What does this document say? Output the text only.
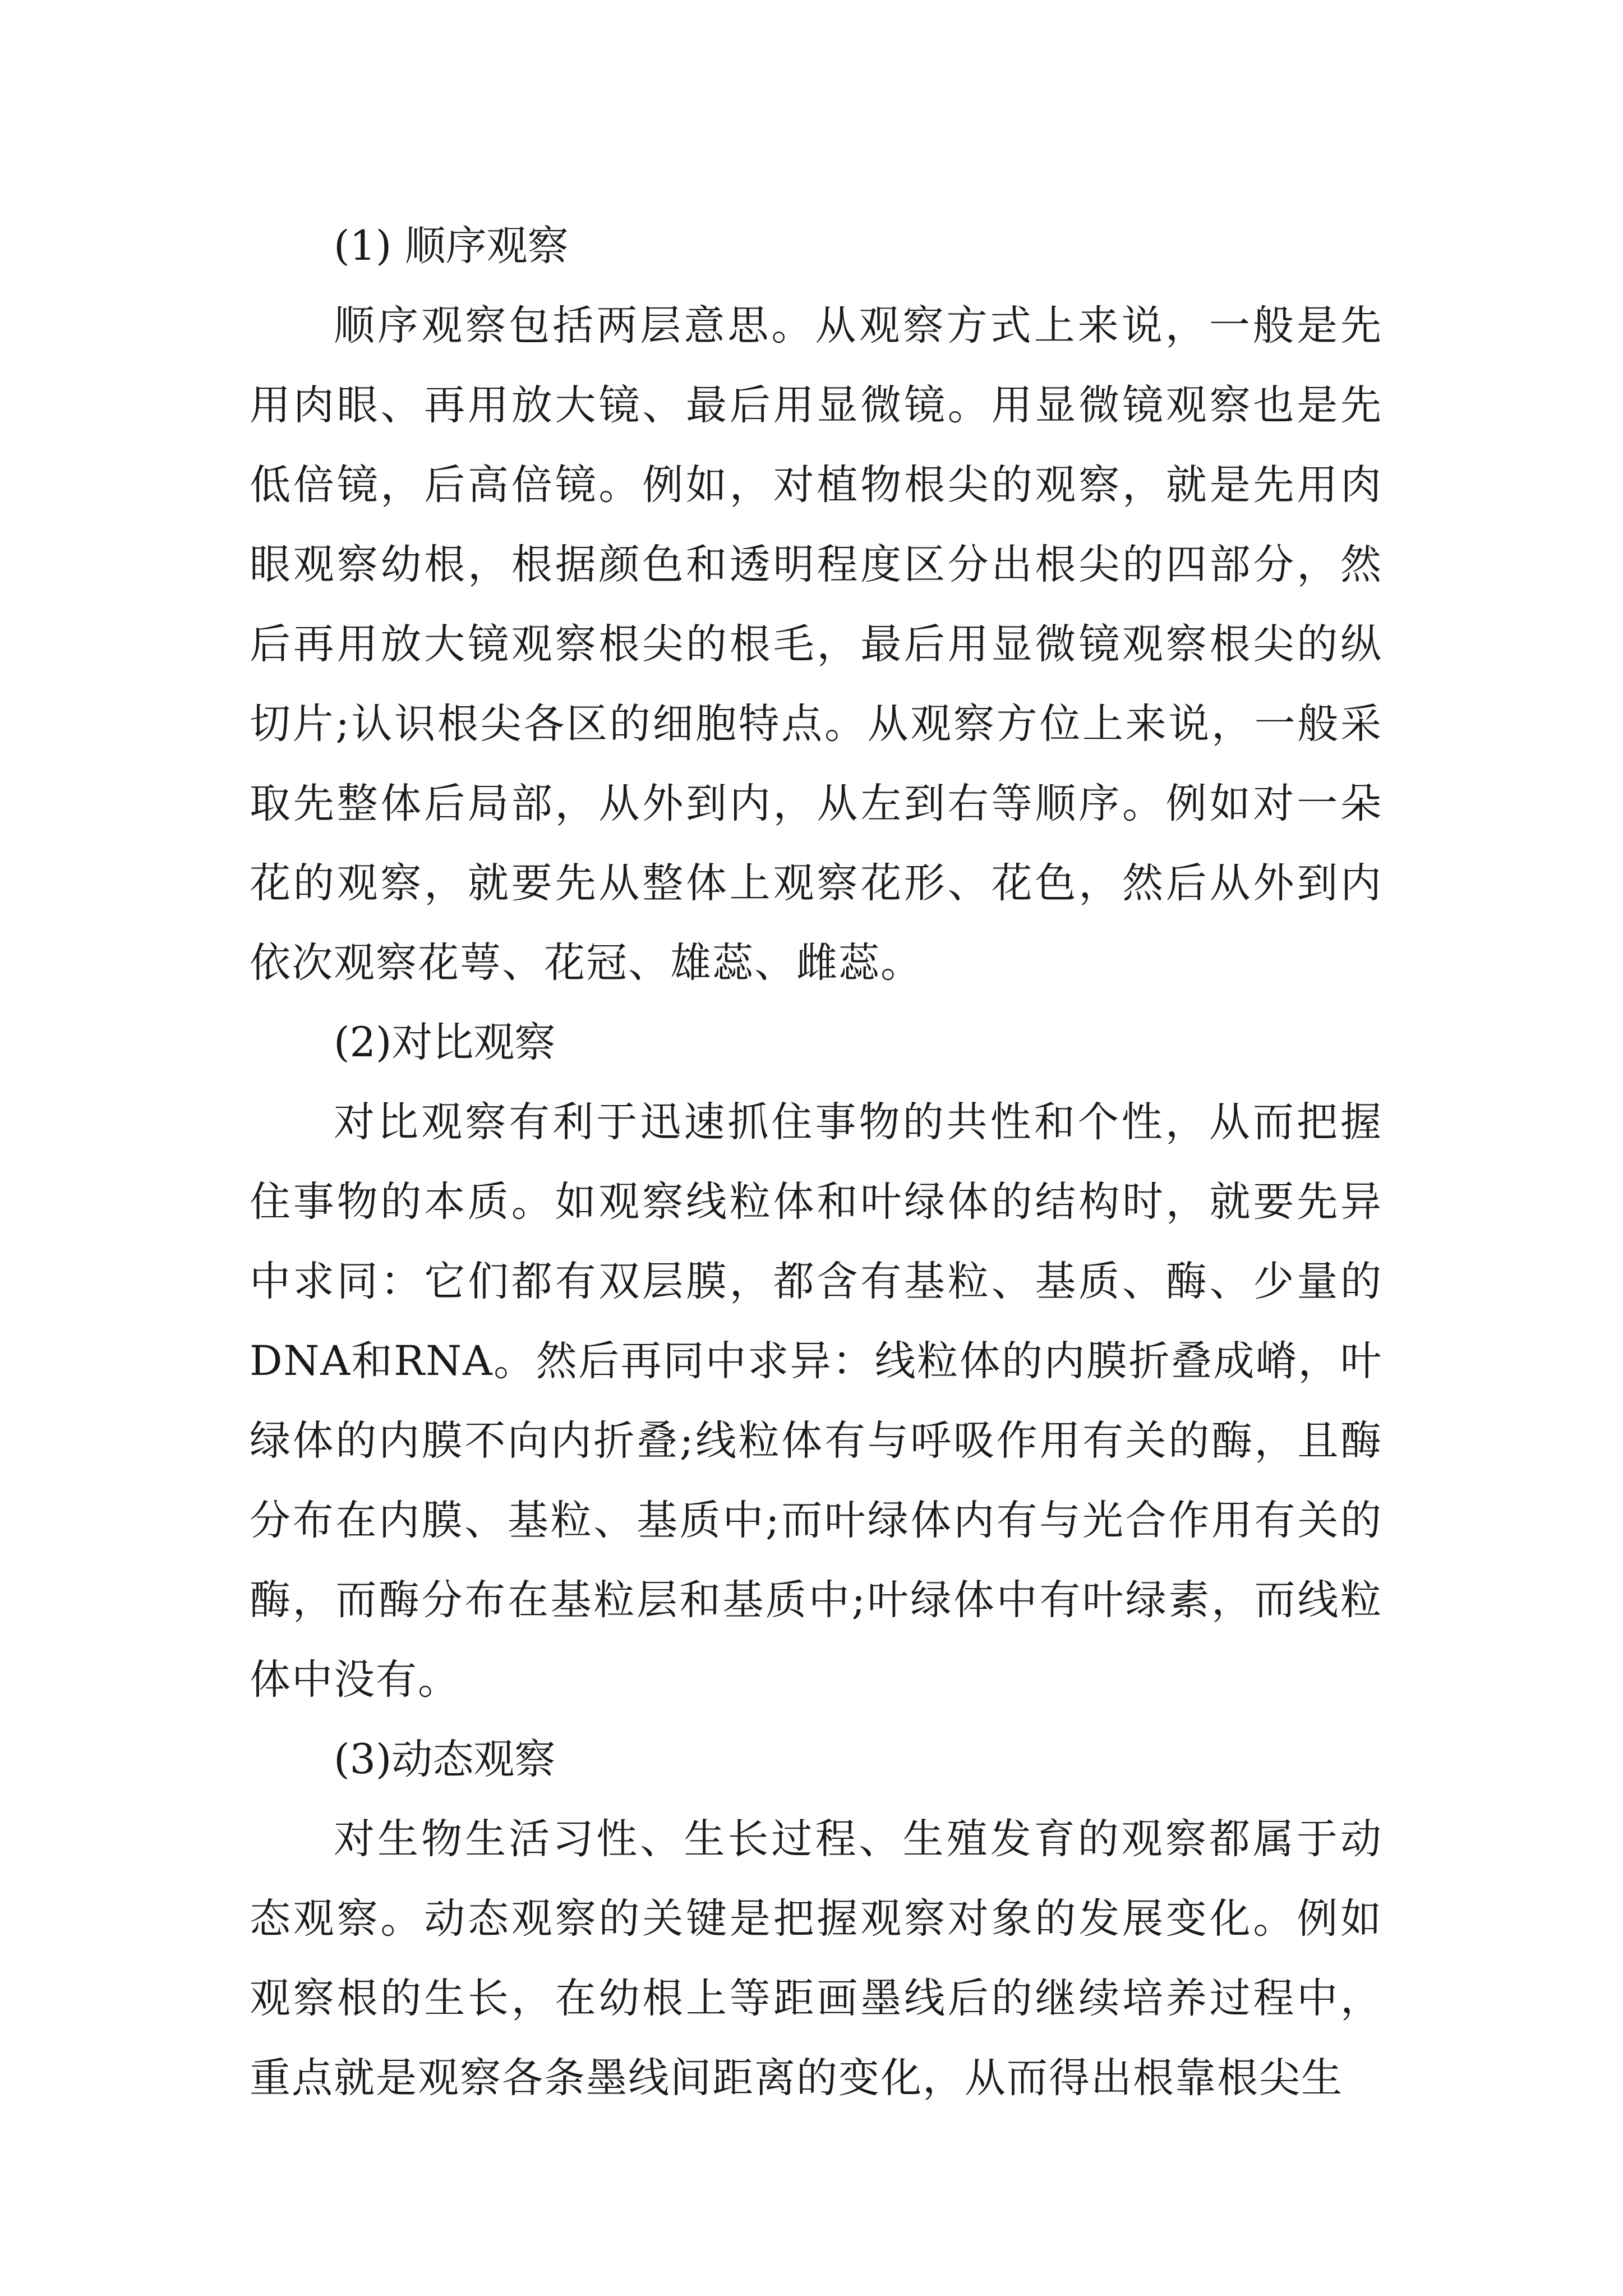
(1) 顺序观察

顺序观察包括两层意思。从观察方式上来说，一般是先用肉眼、再用放大镜、最后用显微镜。用显微镜观察也是先低倍镜，后高倍镜。例如，对植物根尖的观察，就是先用肉眼观察幼根，根据颜色和透明程度区分出根尖的四部分，然后再用放大镜观察根尖的根毛，最后用显微镜观察根尖的纵切片;认识根尖各区的细胞特点。从观察方位上来说，一般采取先整体后局部，从外到内，从左到右等顺序。例如对一朵花的观察，就要先从整体上观察花形、花色，然后从外到内依次观察花萼、花冠、雄蕊、雌蕊。

(2)对比观察

对比观察有利于迅速抓住事物的共性和个性，从而把握住事物的本质。如观察线粒体和叶绿体的结构时，就要先异中求同：它们都有双层膜，都含有基粒、基质、酶、少量的DNA和RNA。然后再同中求异：线粒体的内膜折叠成嵴，叶绿体的内膜不向内折叠;线粒体有与呼吸作用有关的酶，且酶分布在内膜、基粒、基质中;而叶绿体内有与光合作用有关的酶，而酶分布在基粒层和基质中;叶绿体中有叶绿素，而线粒体中没有。

(3)动态观察

对生物生活习性、生长过程、生殖发育的观察都属于动态观察。动态观察的关键是把握观察对象的发展变化。例如观察根的生长，在幼根上等距画墨线后的继续培养过程中，重点就是观察各条墨线间距离的变化，从而得出根靠根尖生
